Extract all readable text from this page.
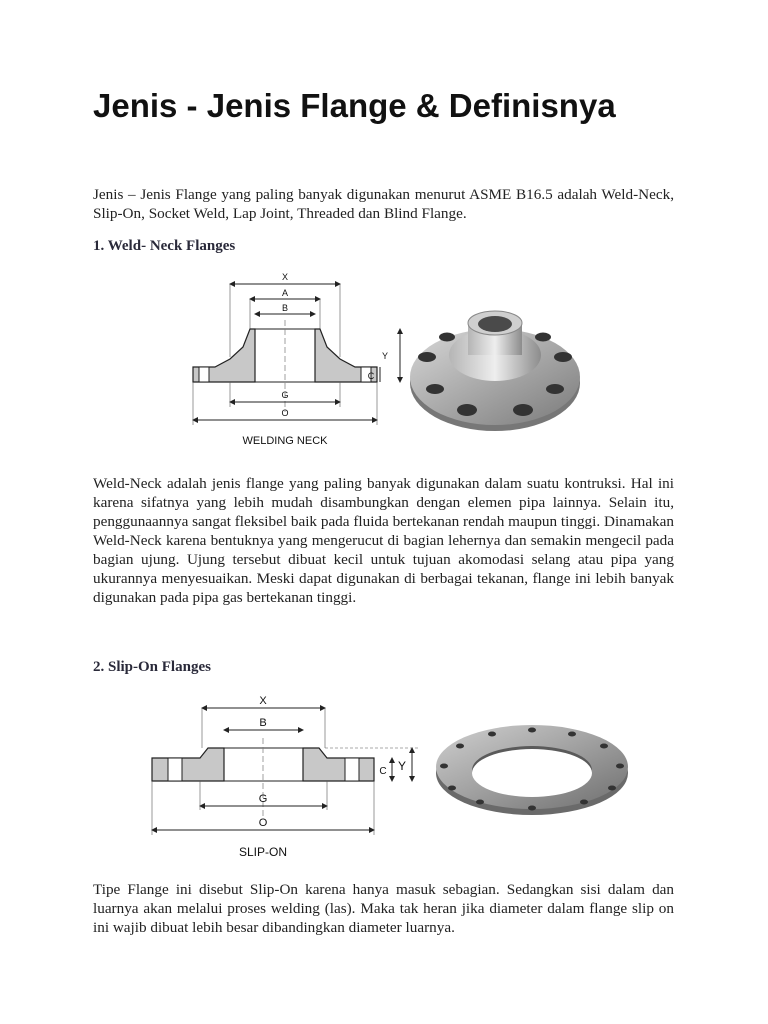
Jenis - Jenis Flange & Definisnya

Jenis – Jenis Flange yang paling banyak digunakan menurut ASME B16.5 adalah Weld-Neck, Slip-On, Socket Weld, Lap Joint, Threaded dan Blind Flange.

1. Weld- Neck Flanges

X
A
B
Y
C
G
O
WELDING NECK

Weld-Neck adalah jenis flange yang paling banyak digunakan dalam suatu kontruksi. Hal ini karena sifatnya yang lebih mudah disambungkan dengan elemen pipa lainnya. Selain itu, penggunaannya sangat fleksibel baik pada fluida bertekanan rendah maupun tinggi. Dinamakan Weld-Neck karena bentuknya yang mengerucut di bagian lehernya dan semakin mengecil pada bagian ujung. Ujung tersebut dibuat kecil untuk tujuan akomodasi selang atau pipa yang ukurannya menyesuaikan. Meski dapat digunakan di berbagai tekanan, flange ini lebih banyak digunakan pada pipa gas bertekanan tinggi.

2. Slip-On Flanges

X
B
C Y
G
O
SLIP-ON

Tipe Flange ini disebut Slip-On karena hanya masuk sebagian. Sedangkan sisi dalam dan luarnya akan melalui proses welding (las). Maka tak heran jika diameter dalam flange slip on ini wajib dibuat lebih besar dibandingkan diameter luarnya.
